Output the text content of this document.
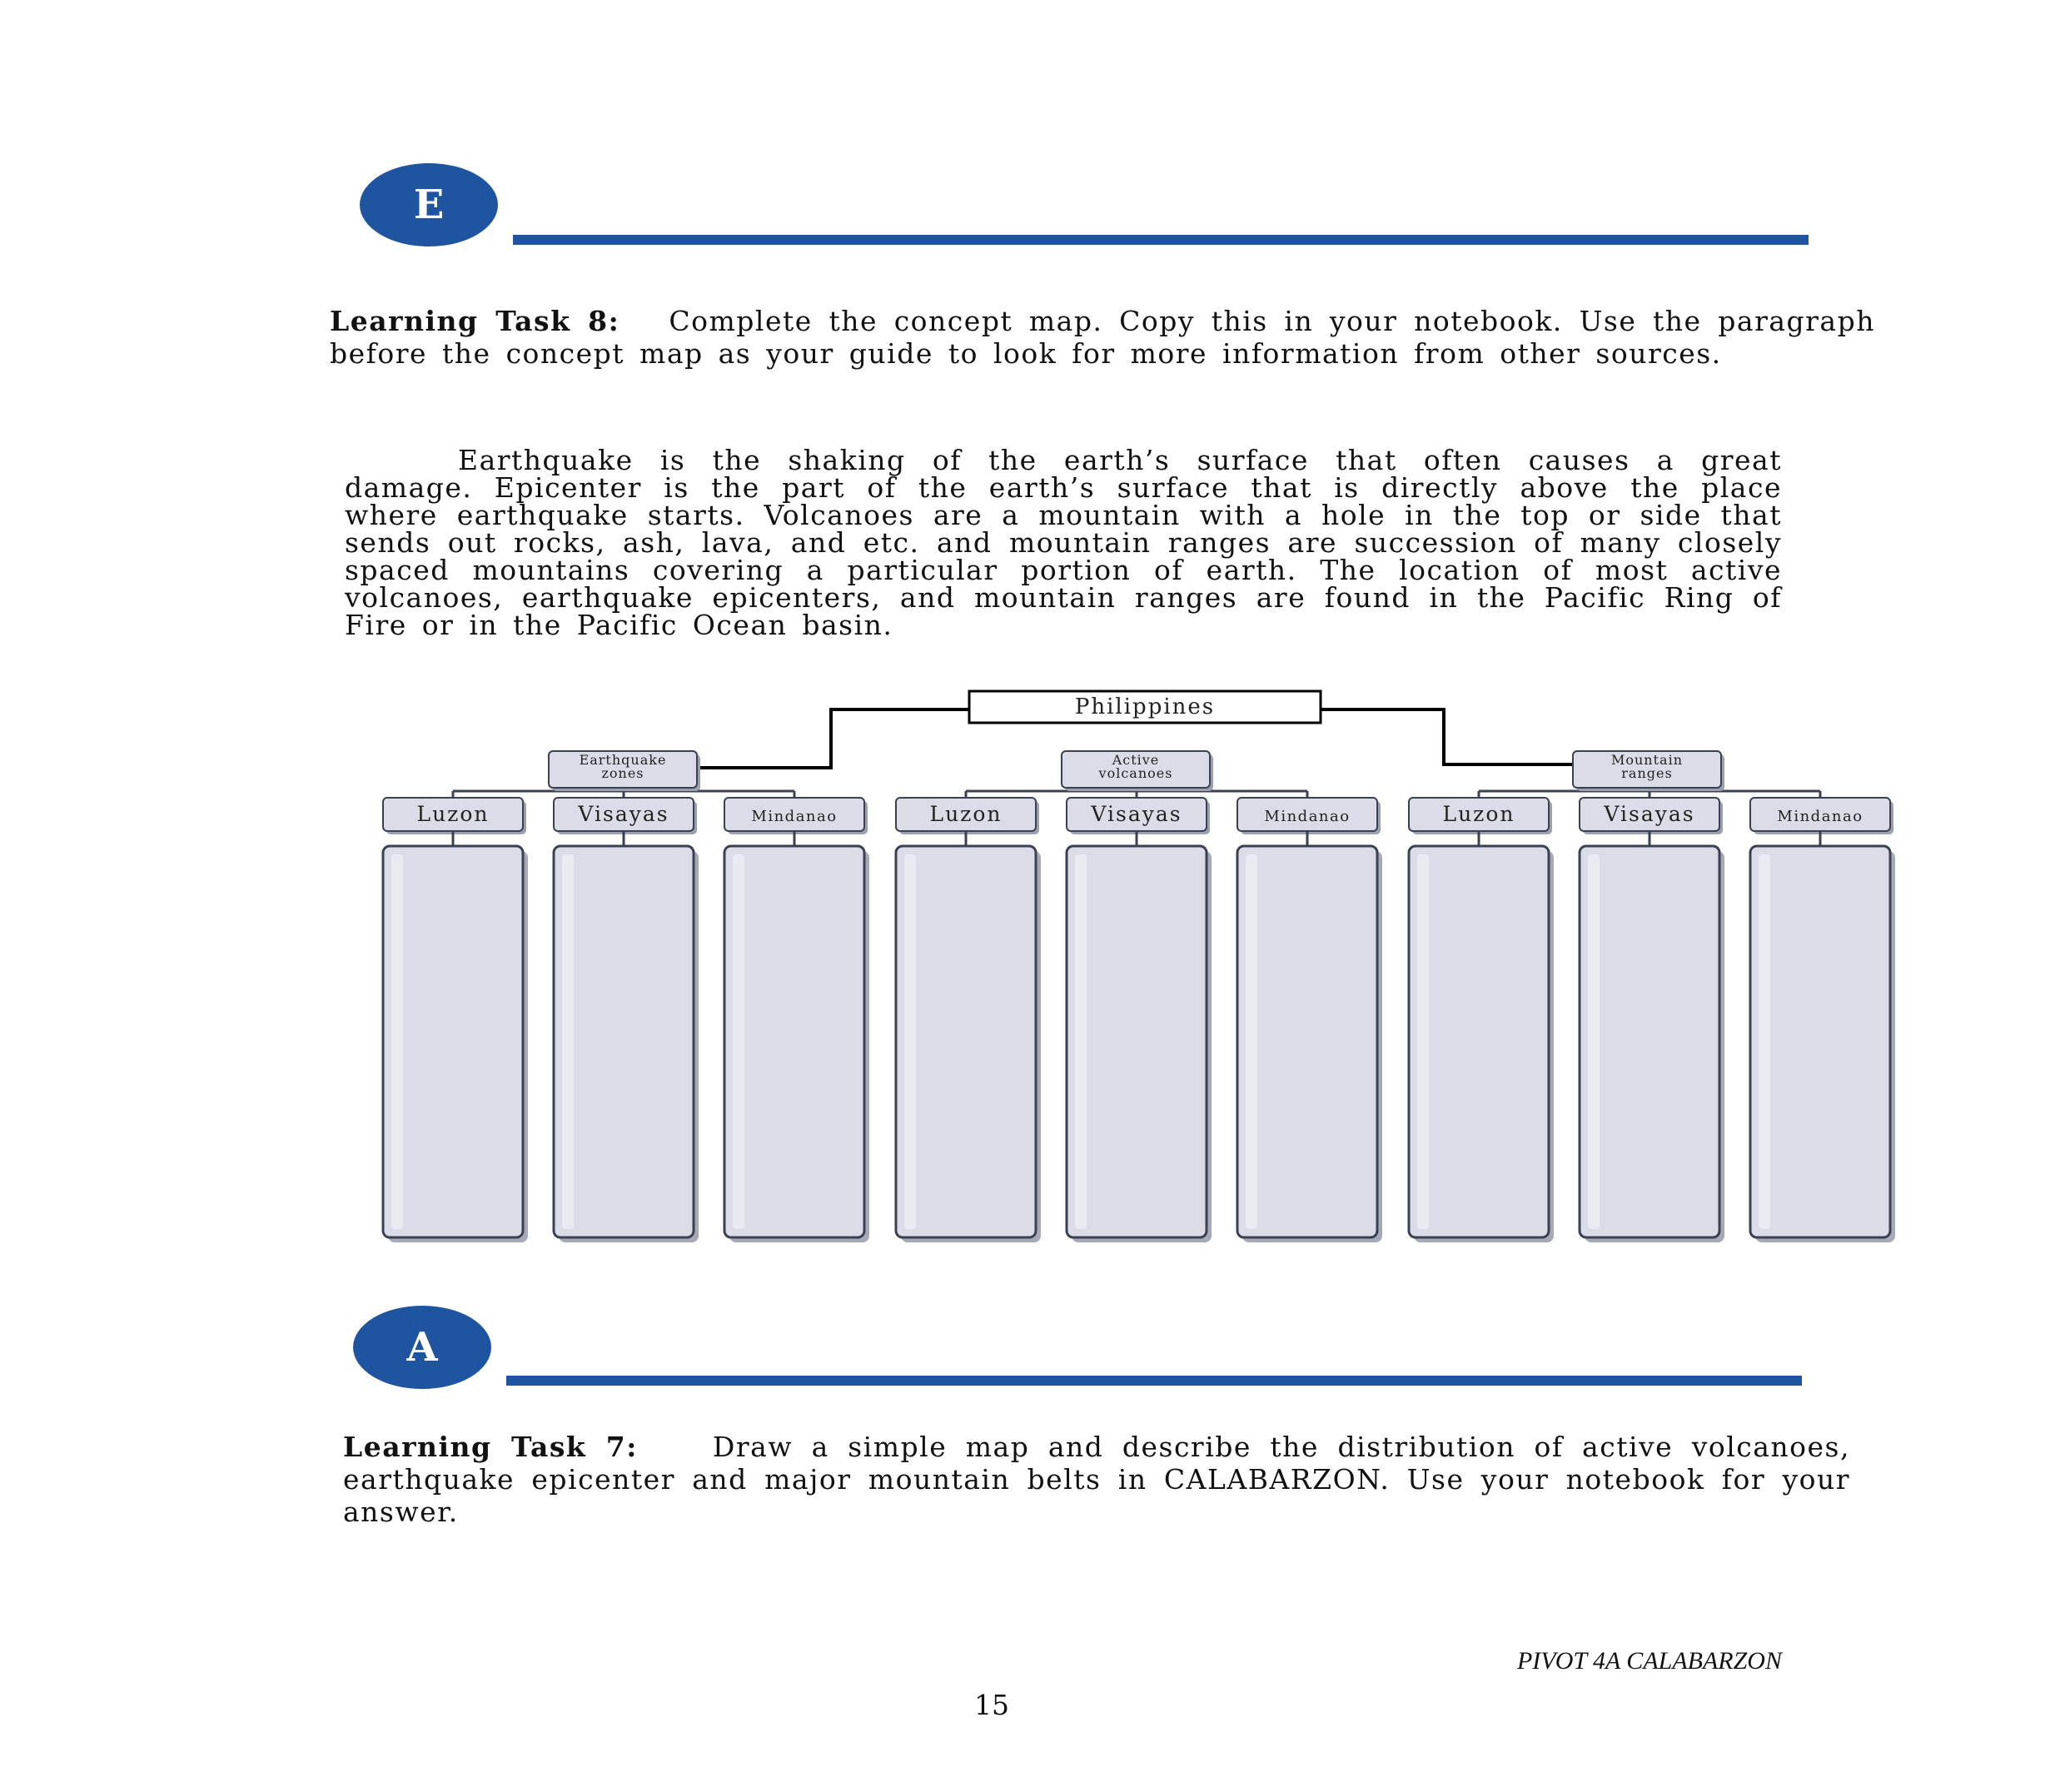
E
Learning Task 8: Complete the concept map. Copy this in your notebook. Use the paragraph before the concept map as your guide to look for more information from other sources.

Earthquake is the shaking of the earth’s surface that often causes a great damage. Epicenter is the part of the earth’s surface that is directly above the place where earthquake starts. Volcanoes are a mountain with a hole in the top or side that sends out rocks, ash, lava, and etc. and mountain ranges are succession of many closely spaced mountains covering a particular portion of earth. The location of most active volcanoes, earthquake epicenters, and mountain ranges are found in the Pacific Ring of Fire or in the Pacific Ocean basin.

Philippines
Earthquake
zones
Luzon	Visayas	Mindanao
Active
volcanoes
Luzon	Visayas	Mindanao
Mountain
ranges
Luzon	Visayas	Mindanao
A
Learning Task 7:	Draw a simple map and describe the distribution of active volcanoes, earthquake epicenter and major mountain belts in CALABARZON. Use your notebook for your answer.
PIVOT 4A CALABARZON
15
